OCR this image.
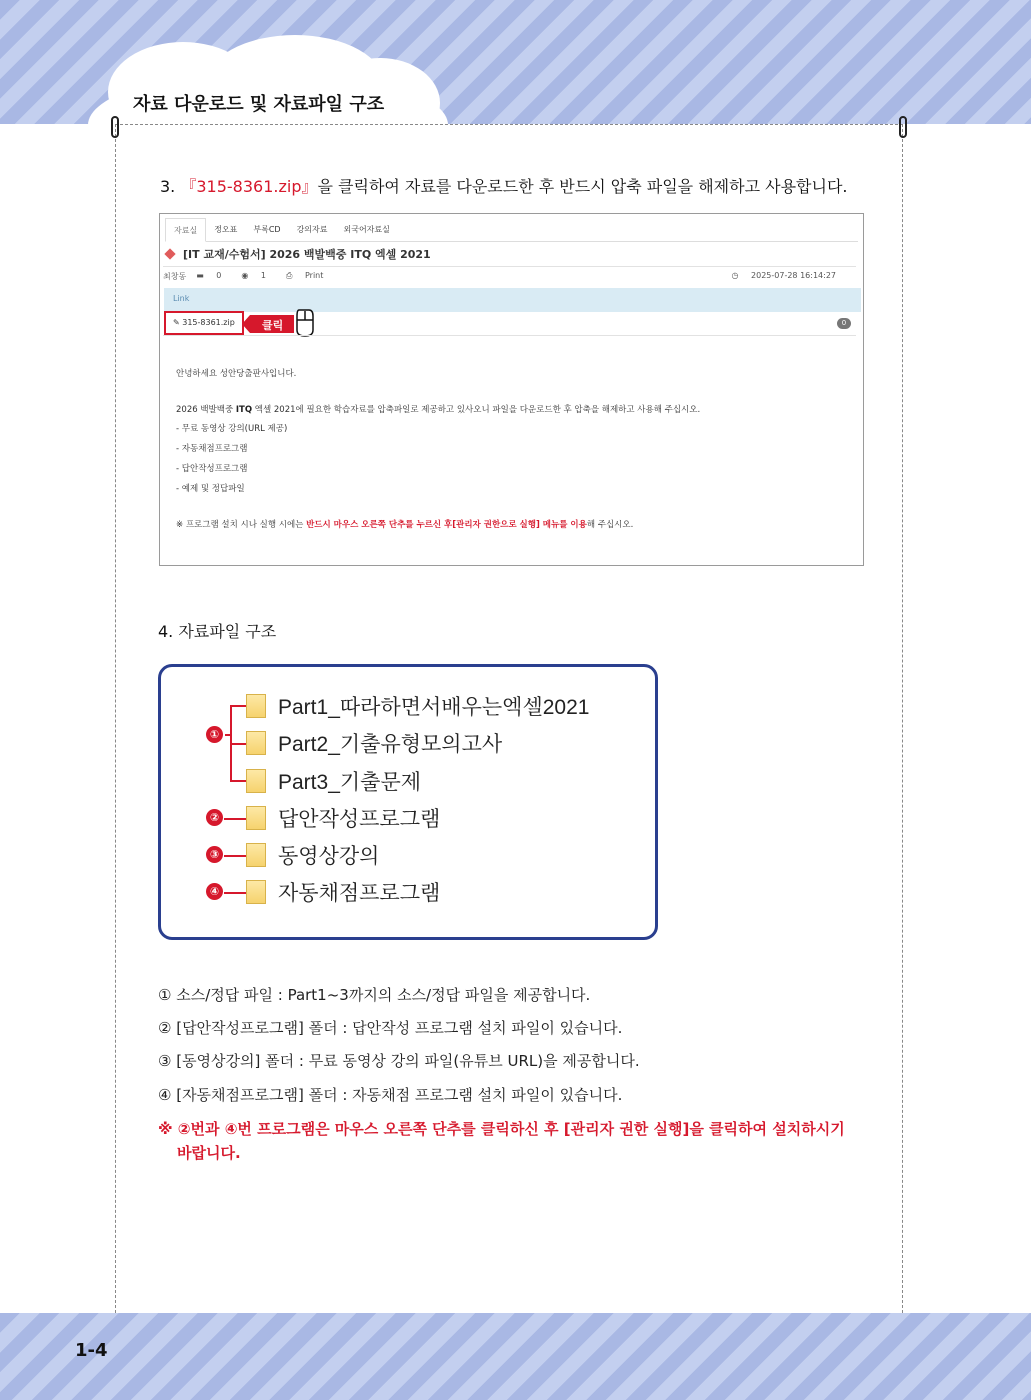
자료 다운로드 및 자료파일 구조
3. 『315-8361.zip』을 클릭하여 자료를 다운로드한 후 반드시 압축 파일을 해제하고 사용합니다.
자료실	정오표	부록CD	강의자료	외국어자료실
[IT 교재/수험서] 2026 백발백중 ITQ 엑셀 2021
최창동 ▬ 0	◉ 1	⎙ Print	◷ 2025-07-28 16:14:27
Link
✎ 315-8361.zip	클릭	0
안녕하세요 성안당출판사입니다.
2026 백발백중 ITQ 엑셀 2021에 필요한 학습자료를 압축파일로 제공하고 있사오니 파일을 다운로드한 후 압축을 해제하고 사용해 주십시오.
- 무료 동영상 강의(URL 제공)
- 자동채점프로그램
- 답안작성프로그램
- 예제 및 정답파일
※ 프로그램 설치 시나 실행 시에는 반드시 마우스 오른쪽 단추를 누르신 후[관리자 권한으로 실행] 메뉴를 이용해 주십시오.
4. 자료파일 구조
①
Part1_따라하면서배우는엑셀2021
Part2_기출유형모의고사
Part3_기출문제
②	답안작성프로그램
③	동영상강의
④	자동채점프로그램
① 소스/정답 파일 : Part1~3까지의 소스/정답 파일을 제공합니다.
② [답안작성프로그램] 폴더 : 답안작성 프로그램 설치 파일이 있습니다.
③ [동영상강의] 폴더 : 무료 동영상 강의 파일(유튜브 URL)을 제공합니다.
④ [자동채점프로그램] 폴더 : 자동채점 프로그램 설치 파일이 있습니다.
※ ②번과 ④번 프로그램은 마우스 오른쪽 단추를 클릭하신 후 [관리자 권한 실행]을 클릭하여 설치하시기
바랍니다.
1-4
